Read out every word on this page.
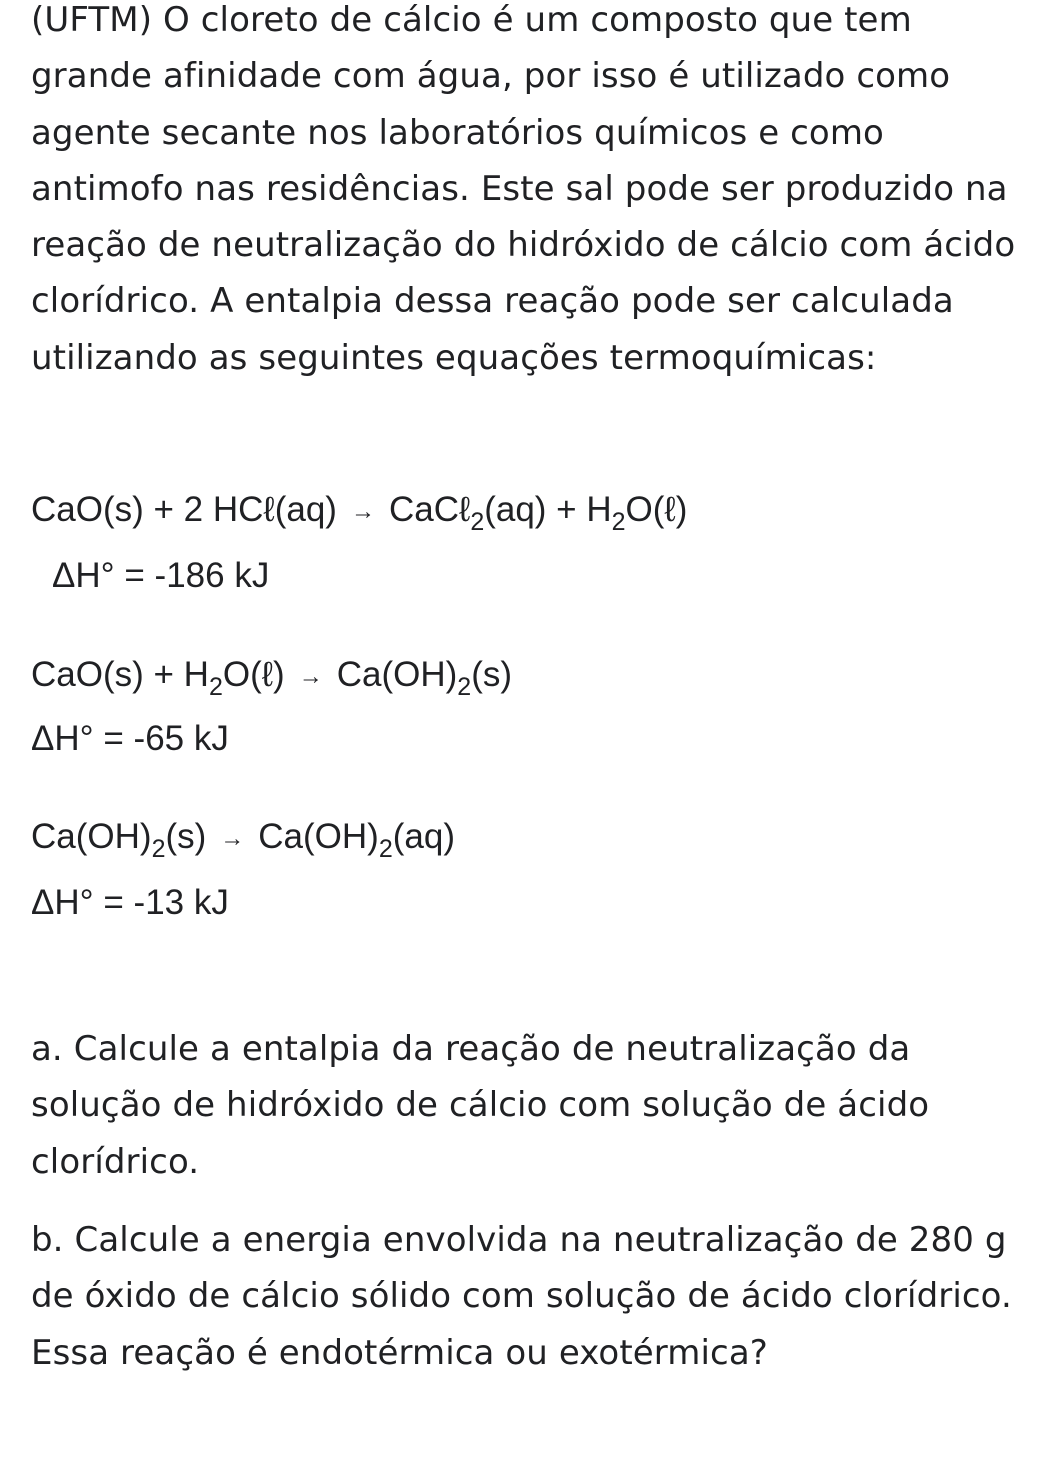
(UFTM) O cloreto de cálcio é um composto que tem grande afinidade com água, por isso é utilizado como agente secante nos laboratórios químicos e como antimofo nas residências. Este sal pode ser produzido na reação de neutralização do hidróxido de cálcio com ácido clorídrico. A entalpia dessa reação pode ser calculada utilizando as seguintes equações termoquímicas:

CaO(s) + 2 HCℓ(aq) → CaCℓ$_2$(aq) + $H_2O(\ell)$
ΔH° = -186 kJ
$CaO(s) + H_2O(\ell) \to Ca(OH)_2(s)$
ΔH° = -65 kJ
$Ca(OH)_2(s) \to Ca(OH)_2(aq)$
ΔH° = -13 kJ

a. Calcule a entalpia da reação de neutralização da solução de hidróxido de cálcio com solução de ácido clorídrico.

b. Calcule a energia envolvida na neutralização de 280 g de óxido de cálcio sólido com solução de ácido clorídrico. Essa reação é endotérmica ou exotérmica?
